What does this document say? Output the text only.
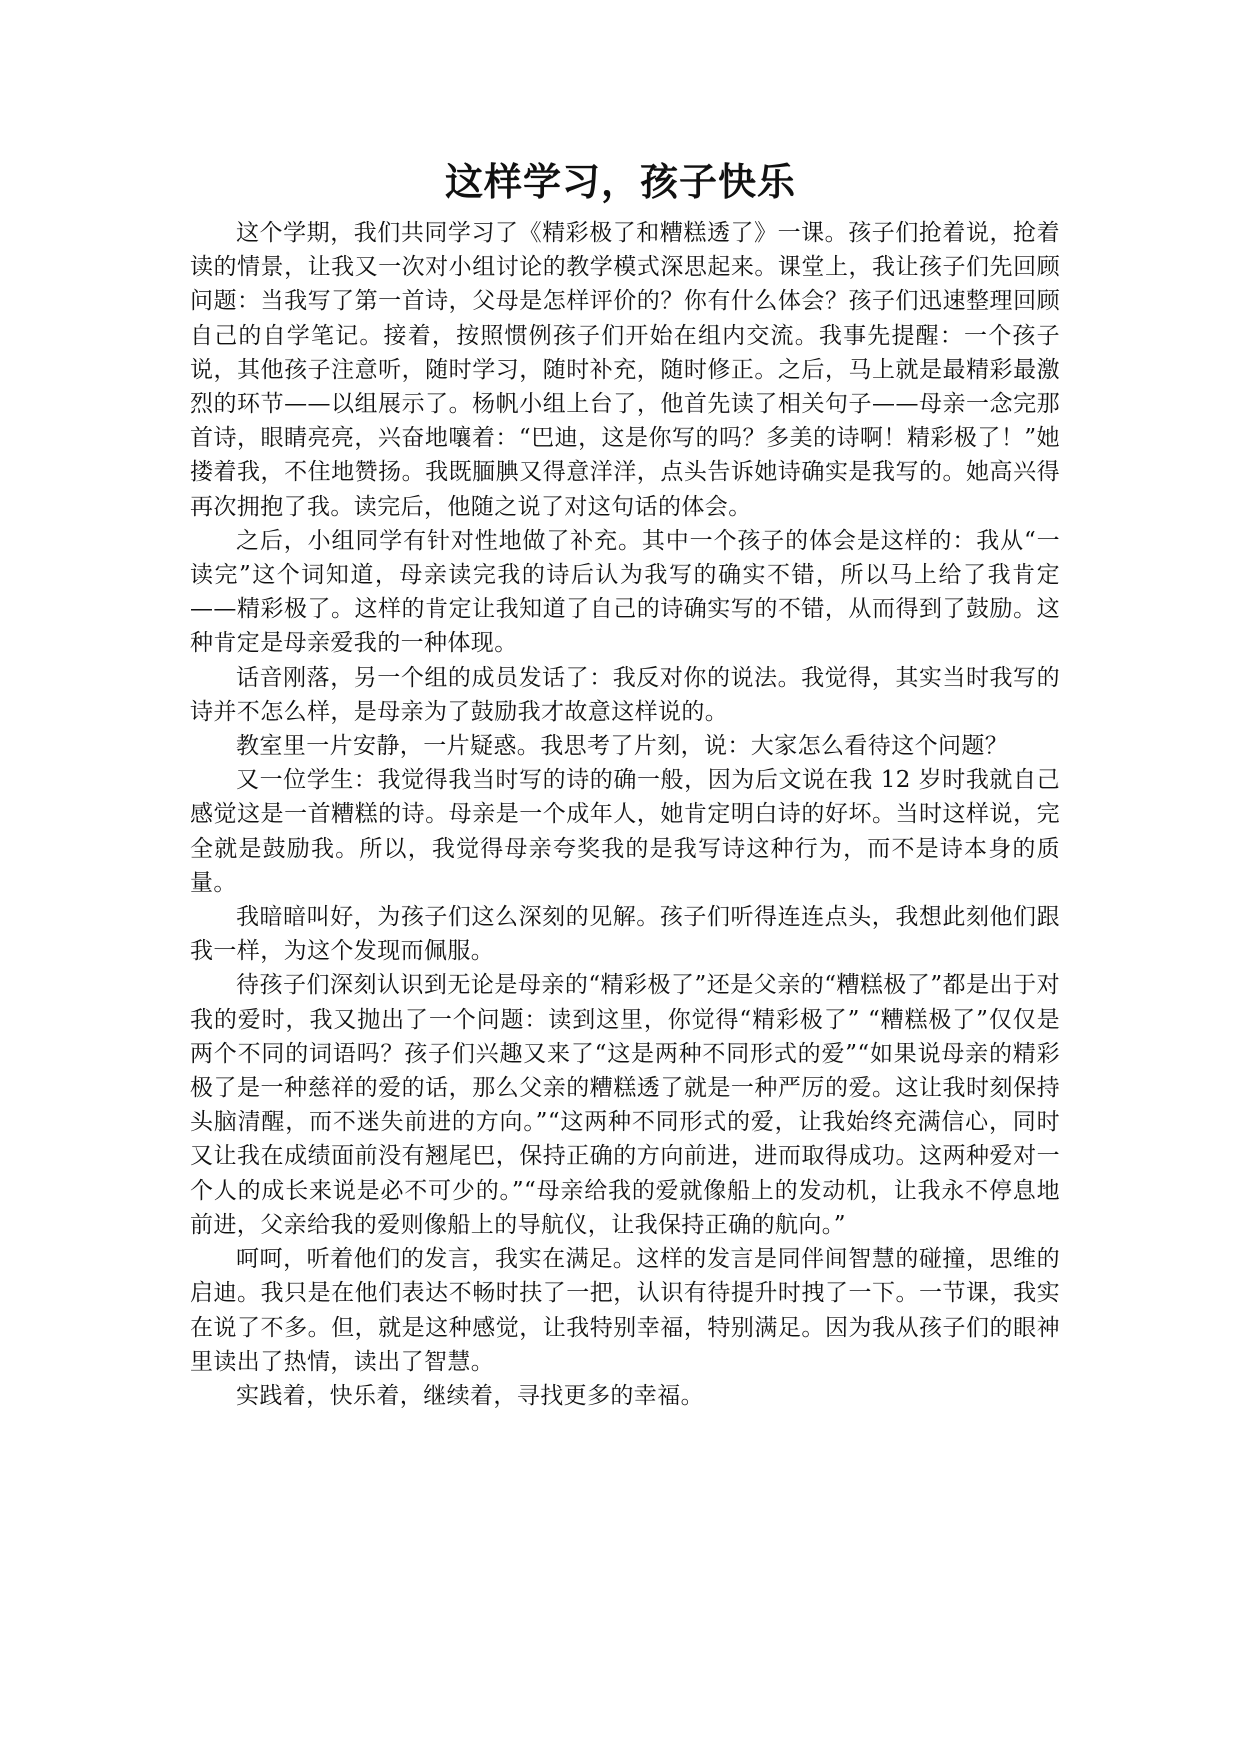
这样学习，孩子快乐

这个学期，我们共同学习了《精彩极了和糟糕透了》一课。孩子们抢着说，抢着读的情景，让我又一次对小组讨论的教学模式深思起来。课堂上，我让孩子们先回顾问题：当我写了第一首诗，父母是怎样评价的？你有什么体会？孩子们迅速整理回顾自己的自学笔记。接着，按照惯例孩子们开始在组内交流。我事先提醒：一个孩子说，其他孩子注意听，随时学习，随时补充，随时修正。之后，马上就是最精彩最激烈的环节——以组展示了。杨帆小组上台了，他首先读了相关句子——母亲一念完那首诗，眼睛亮亮，兴奋地嚷着：“巴迪，这是你写的吗？多美的诗啊！精彩极了！”她搂着我，不住地赞扬。我既腼腆又得意洋洋，点头告诉她诗确实是我写的。她高兴得再次拥抱了我。读完后，他随之说了对这句话的体会。

之后，小组同学有针对性地做了补充。其中一个孩子的体会是这样的：我从“一读完”这个词知道，母亲读完我的诗后认为我写的确实不错，所以马上给了我肯定——精彩极了。这样的肯定让我知道了自己的诗确实写的不错，从而得到了鼓励。这种肯定是母亲爱我的一种体现。

话音刚落，另一个组的成员发话了：我反对你的说法。我觉得，其实当时我写的诗并不怎么样，是母亲为了鼓励我才故意这样说的。

教室里一片安静，一片疑惑。我思考了片刻，说：大家怎么看待这个问题？

又一位学生：我觉得我当时写的诗的确一般，因为后文说在我 12 岁时我就自己感觉这是一首糟糕的诗。母亲是一个成年人，她肯定明白诗的好坏。当时这样说，完全就是鼓励我。所以，我觉得母亲夸奖我的是我写诗这种行为，而不是诗本身的质量。

我暗暗叫好，为孩子们这么深刻的见解。孩子们听得连连点头，我想此刻他们跟我一样，为这个发现而佩服。

待孩子们深刻认识到无论是母亲的“精彩极了”还是父亲的“糟糕极了”都是出于对我的爱时，我又抛出了一个问题：读到这里，你觉得“精彩极了” “糟糕极了”仅仅是两个不同的词语吗？孩子们兴趣又来了“这是两种不同形式的爱”“如果说母亲的精彩极了是一种慈祥的爱的话，那么父亲的糟糕透了就是一种严厉的爱。这让我时刻保持头脑清醒，而不迷失前进的方向。”“这两种不同形式的爱，让我始终充满信心，同时又让我在成绩面前没有翘尾巴，保持正确的方向前进，进而取得成功。这两种爱对一个人的成长来说是必不可少的。”“母亲给我的爱就像船上的发动机，让我永不停息地前进，父亲给我的爱则像船上的导航仪，让我保持正确的航向。”

呵呵，听着他们的发言，我实在满足。这样的发言是同伴间智慧的碰撞，思维的启迪。我只是在他们表达不畅时扶了一把，认识有待提升时拽了一下。一节课，我实在说了不多。但，就是这种感觉，让我特别幸福，特别满足。因为我从孩子们的眼神里读出了热情，读出了智慧。

实践着，快乐着，继续着，寻找更多的幸福。
